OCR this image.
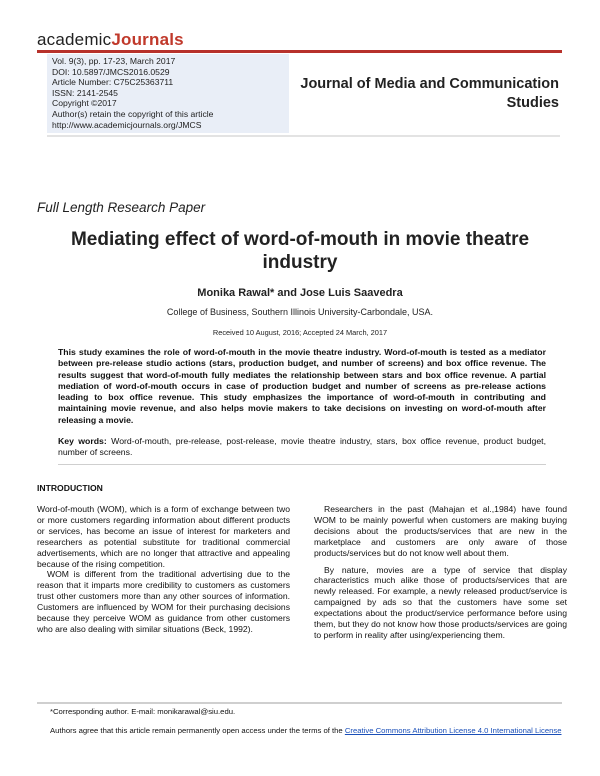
academicJournals
Vol. 9(3), pp. 17-23, March 2017
DOI: 10.5897/JMCS2016.0529
Article Number: C75C25363711
ISSN: 2141-2545
Copyright ©2017
Author(s) retain the copyright of this article
http://www.academicjournals.org/JMCS
Journal of Media and Communication
Studies
Full Length Research Paper
Mediating effect of word-of-mouth in movie theatre
industry
Monika Rawal* and Jose Luis Saavedra
College of Business, Southern Illinois University-Carbondale, USA.
Received 10 August, 2016; Accepted 24 March, 2017
This study examines the role of word-of-mouth in the movie theatre industry. Word-of-mouth is tested as a mediator between pre-release studio actions (stars, production budget, and number of screens) and box office revenue. The results suggest that word-of-mouth fully mediates the relationship between stars and box office revenue. A partial mediation of word-of-mouth occurs in case of production budget and number of screens as pre-release actions leading to box office revenue. This study emphasizes the importance of word-of-mouth in contributing and maintaining movie revenue, and also helps movie makers to take decisions on investing on word-of-mouth after releasing a movie.
Key words: Word-of-mouth, pre-release, post-release, movie theatre industry, stars, box office revenue, product budget, number of screens.
INTRODUCTION

Word-of-mouth (WOM), which is a form of exchange between two or more customers regarding information about different products or services, has become an issue of interest for marketers and researchers as potential substitute for traditional commercial advertisements, which are no longer that attractive and appealing because of the rising competition.

WOM is different from the traditional advertising due to the reason that it imparts more credibility to customers as customers trust other customers more than any other sources of information. Customers are influenced by WOM for their purchasing decisions because they perceive WOM as guidance from other customers who are also dealing with similar situations (Beck, 1992).

Researchers in the past (Mahajan et al.,1984) have found WOM to be mainly powerful when customers are making buying decisions about the products/services that are new in the marketplace and customers are only aware of those products/services but do not know well about them.

By nature, movies are a type of service that display characteristics much alike those of products/services that are newly released. For example, a newly released product/service is campaigned by ads so that the customers have some set expectations about the product/service performance before using them, but they do not know how those products/services are going to perform in reality after using/experiencing them.

*Corresponding author. E-mail: monikarawal@siu.edu.
Authors agree that this article remain permanently open access under the terms of the Creative Commons Attribution License 4.0 International License
